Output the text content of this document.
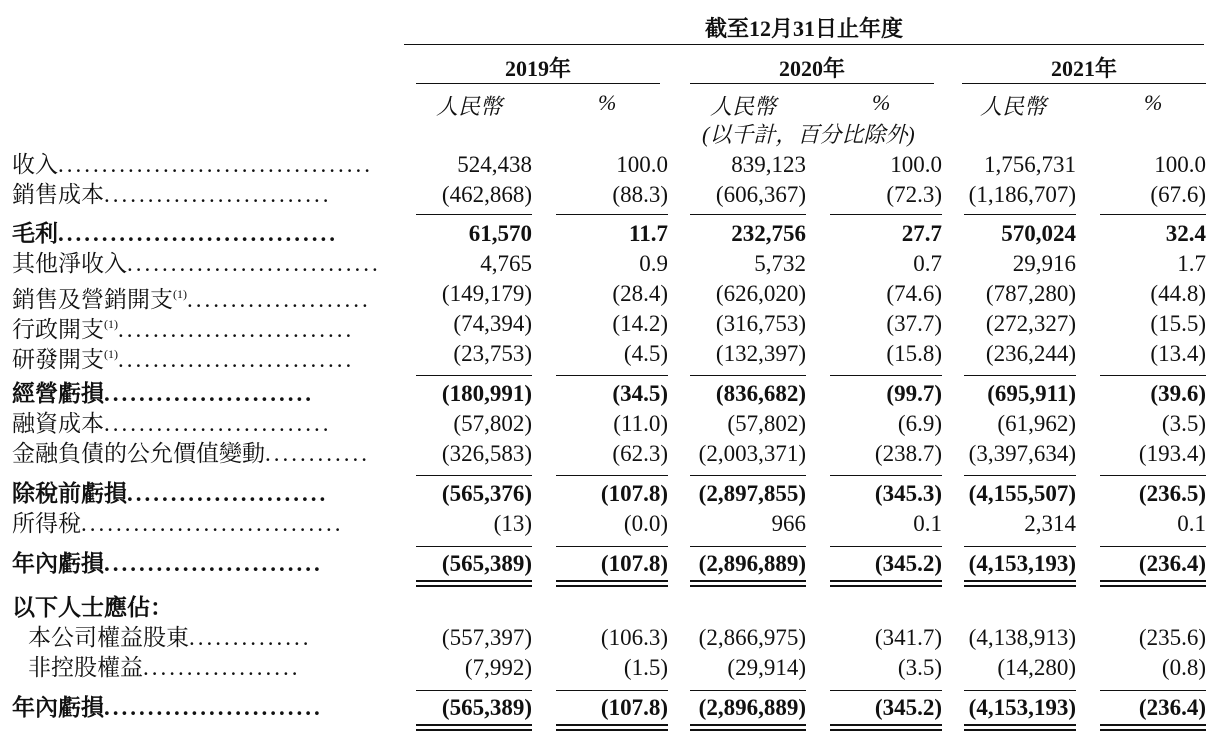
截至12月31日止年度
2019年	2020年	2021年
人民幣	%	人民幣	%	人民幣	%
(以千計，百分比除外)
收入....................................	524,438	100.0	839,123	100.0	1,756,731	100.0
銷售成本..........................	(462,868)	(88.3)	(606,367)	(72.3)	(1,186,707)	(67.6)
毛利................................	61,570	11.7	232,756	27.7	570,024	32.4
其他淨收入.............................	4,765	0.9	5,732	0.7	29,916	1.7
銷售及營銷開支$^{(1)}$.....................	(149,179)	(28.4)	(626,020)	(74.6)	(787,280)	(44.8)
行政開支$^{(1)}$...........................	(74,394)	(14.2)	(316,753)	(37.7)	(272,327)	(15.5)
研發開支$^{(1)}$...........................	(23,753)	(4.5)	(132,397)	(15.8)	(236,244)	(13.4)
經營虧損........................	(180,991)	(34.5)	(836,682)	(99.7)	(695,911)	(39.6)
融資成本..........................	(57,802)	(11.0)	(57,802)	(6.9)	(61,962)	(3.5)
金融負債的公允價值變動............	(326,583)	(62.3)	(2,003,371)	(238.7)	(3,397,634)	(193.4)
除稅前虧損.......................	(565,376)	(107.8)	(2,897,855)	(345.3)	(4,155,507)	(236.5)
所得稅..............................	(13)	(0.0)	966	0.1	2,314	0.1
年內虧損.........................	(565,389)	(107.8)	(2,896,889)	(345.2)	(4,153,193)	(236.4)
以下人士應佔：
本公司權益股東..............	(557,397)	(106.3)	(2,866,975)	(341.7)	(4,138,913)	(235.6)
非控股權益..................	(7,992)	(1.5)	(29,914)	(3.5)	(14,280)	(0.8)
年內虧損.........................	(565,389)	(107.8)	(2,896,889)	(345.2)	(4,153,193)	(236.4)
